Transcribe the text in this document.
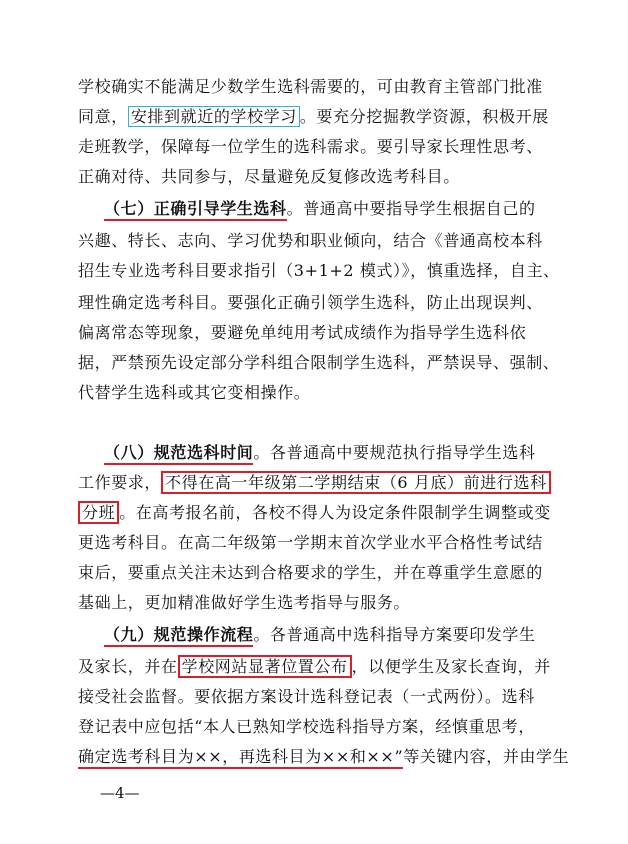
学校确实不能满足少数学生选科需要的，可由教育主管部门批准
同意， 安排到就近的学校学习 。要充分挖掘教学资源，积极开展
走班教学，保障每一位学生的选科需求。要引导家长理性思考、
正确对待、共同参与，尽量避免反复修改选考科目。
（七）正确引导学生选科。普通高中要指导学生根据自己的
兴趣、特长、志向、学习优势和职业倾向，结合《普通高校本科
招生专业选考科目要求指引（3+1+2 模式）》，慎重选择，自主、
理性确定选考科目。要强化正确引领学生选科，防止出现误判、
偏离常态等现象，要避免单纯用考试成绩作为指导学生选科依
据，严禁预先设定部分学科组合限制学生选科，严禁误导、强制、
代替学生选科或其它变相操作。
（八）规范选科时间。各普通高中要规范执行指导学生选科
工作要求， 不得在高一年级第二学期结束（6 月底）前进行选科
分班 。在高考报名前，各校不得人为设定条件限制学生调整或变
更选考科目。在高二年级第一学期末首次学业水平合格性考试结
束后，要重点关注未达到合格要求的学生，并在尊重学生意愿的
基础上，更加精准做好学生选考指导与服务。
（九）规范操作流程。各普通高中选科指导方案要印发学生
及家长，并在 学校网站显著位置公布 ，以便学生及家长查询，并
接受社会监督。要依据方案设计选科登记表（一式两份）。选科
登记表中应包括“本人已熟知学校选科指导方案，经慎重思考，
确定选考科目为××，再选科目为××和××”等关键内容，并由学生
—4—
